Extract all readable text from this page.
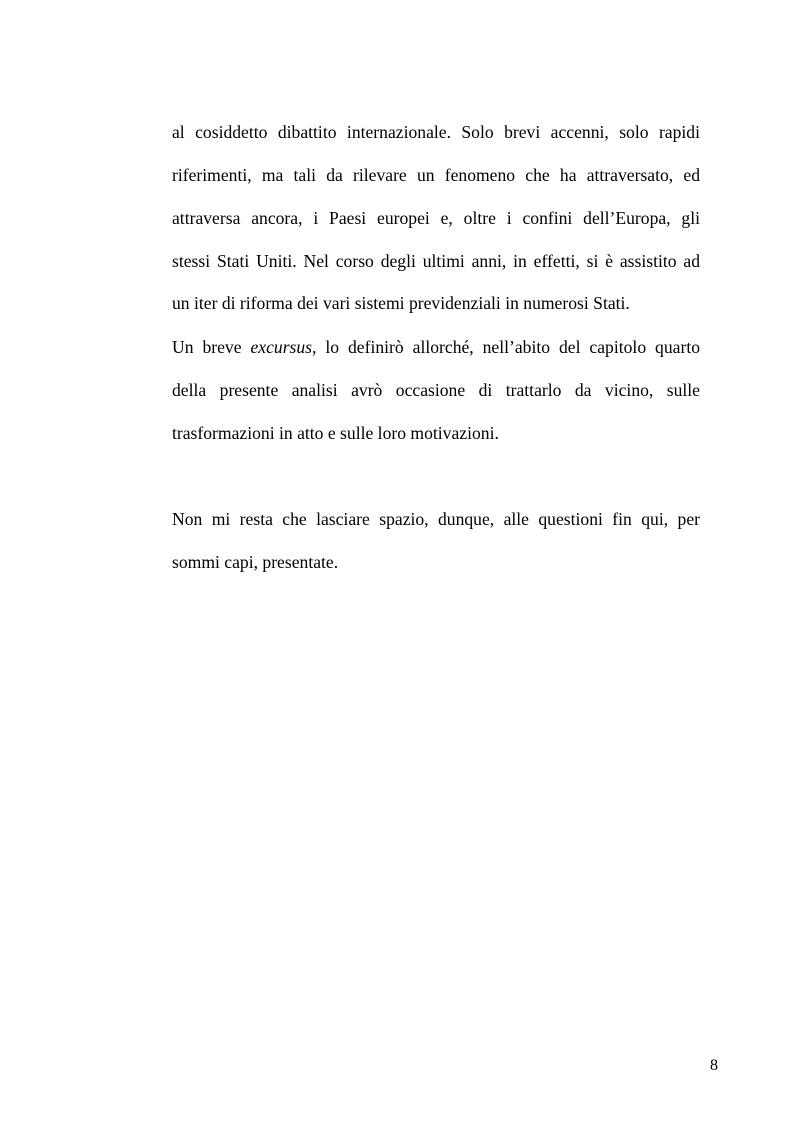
al cosiddetto dibattito internazionale. Solo brevi accenni, solo rapidi
riferimenti, ma tali da rilevare un fenomeno che ha attraversato, ed
attraversa ancora, i Paesi europei e, oltre i confini dell’Europa, gli
stessi Stati Uniti. Nel corso degli ultimi anni, in effetti, si è assistito ad
un iter di riforma dei vari sistemi previdenziali in numerosi Stati.
Un breve excursus, lo definirò allorché, nell’abito del capitolo quarto
della presente analisi avrò occasione di trattarlo da vicino, sulle
trasformazioni in atto e sulle loro motivazioni.
Non mi resta che lasciare spazio, dunque, alle questioni fin qui, per
sommi capi, presentate.
8
